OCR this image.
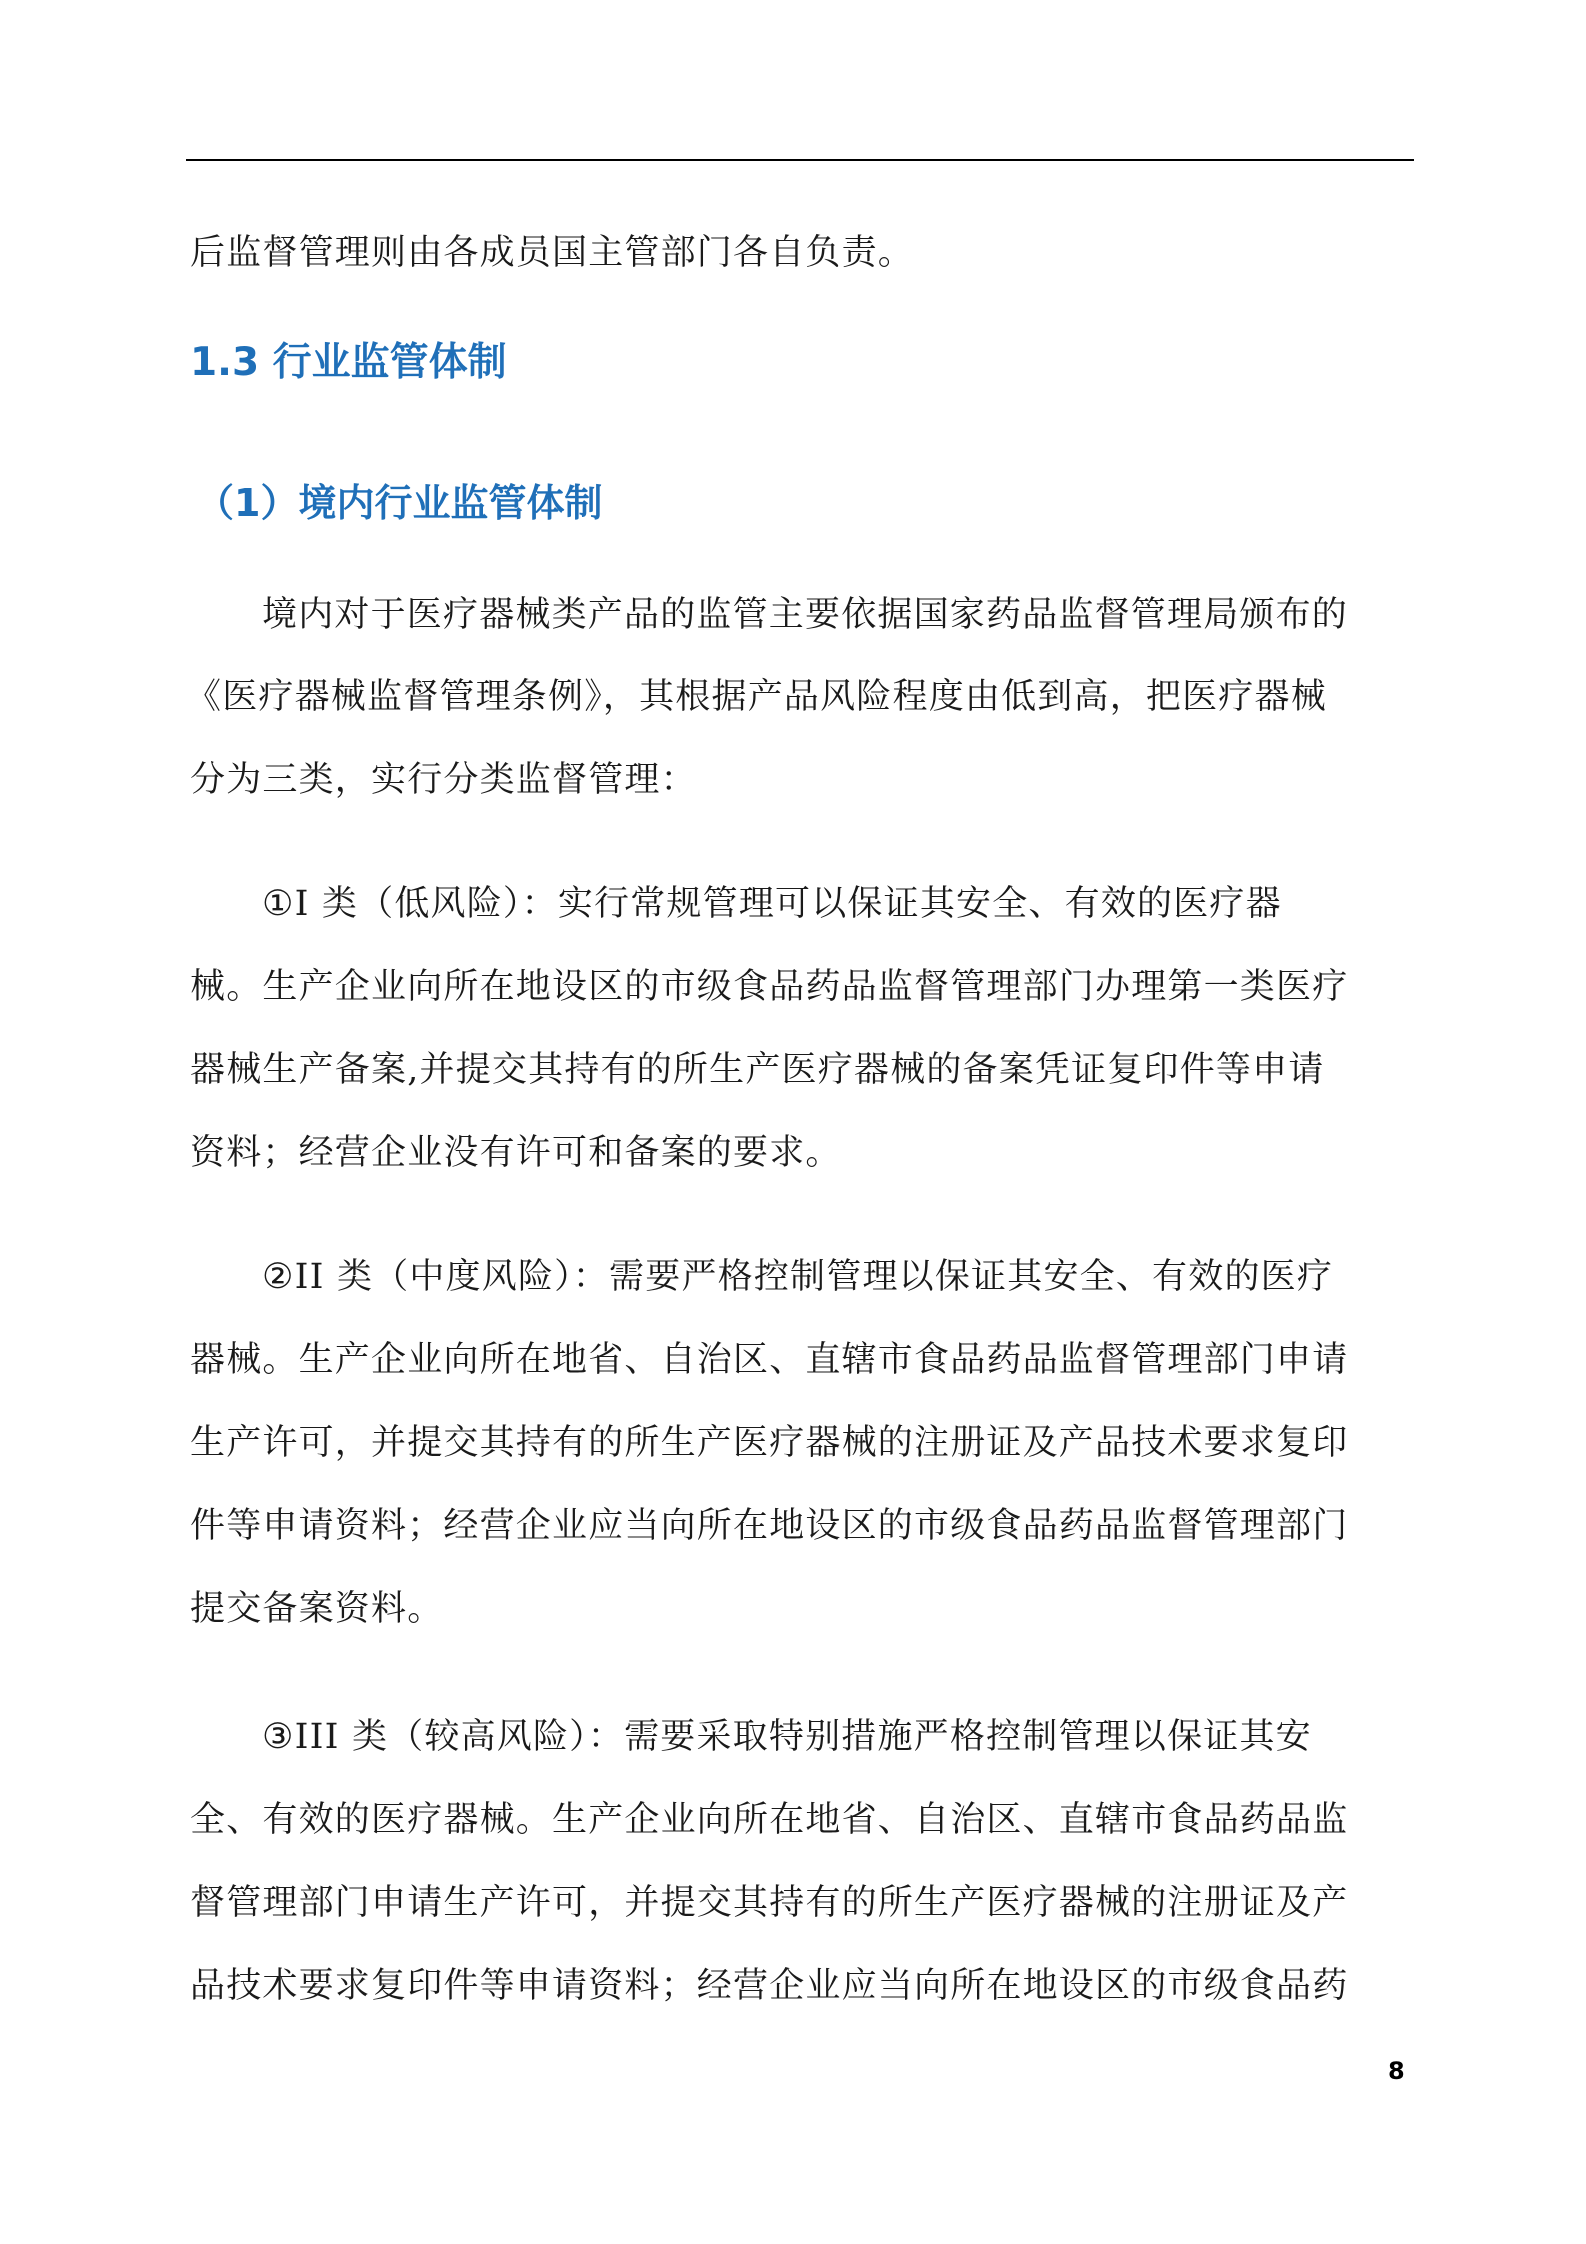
后监督管理则由各成员国主管部门各自负责。
1.3 行业监管体制
（1）境内行业监管体制
境内对于医疗器械类产品的监管主要依据国家药品监督管理局颁布的
《医疗器械监督管理条例》，其根据产品风险程度由低到高，把医疗器械
分为三类，实行分类监督管理：
①I 类（低风险）：实行常规管理可以保证其安全、有效的医疗器
械。生产企业向所在地设区的市级食品药品监督管理部门办理第一类医疗
器械生产备案,并提交其持有的所生产医疗器械的备案凭证复印件等申请
资料；经营企业没有许可和备案的要求。
②II 类（中度风险）：需要严格控制管理以保证其安全、有效的医疗
器械。生产企业向所在地省、自治区、直辖市食品药品监督管理部门申请
生产许可，并提交其持有的所生产医疗器械的注册证及产品技术要求复印
件等申请资料；经营企业应当向所在地设区的市级食品药品监督管理部门
提交备案资料。
③III 类（较高风险）：需要采取特别措施严格控制管理以保证其安
全、有效的医疗器械。生产企业向所在地省、自治区、直辖市食品药品监
督管理部门申请生产许可，并提交其持有的所生产医疗器械的注册证及产
品技术要求复印件等申请资料；经营企业应当向所在地设区的市级食品药
8
